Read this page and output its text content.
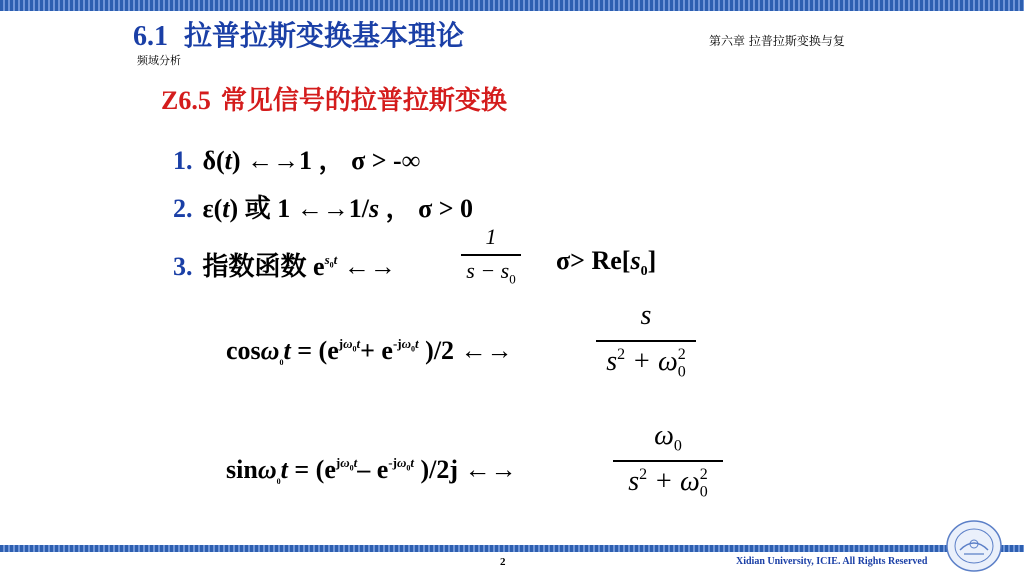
6.1 拉普拉斯变换基本理论	第六章 拉普拉斯变换与复
频域分析
Z6.5 常见信号的拉普拉斯变换
1. δ(t) ←→1 ， σ > -∞
2. ε(t) 或 1 ←→1/s ， σ > 0
3. 指数函数 $e^{s_0t}$ ←→
1
$s - s_0$
$\sigma> Re[s_0]$
$\cos\omega_0t = (e^{j\omega_0t}+ e^{-j\omega_0t}$ )/2 ←→
s
$s^2 + \omega_0^2$
$\sin\omega_0t = (e^{j\omega_0t}-$ $e^{-j\omega_0t}$ )/2j ←→
$\omega_0$
$s^2 + \omega_0^2$
2	Xidian University, ICIE. All Rights Reserved
